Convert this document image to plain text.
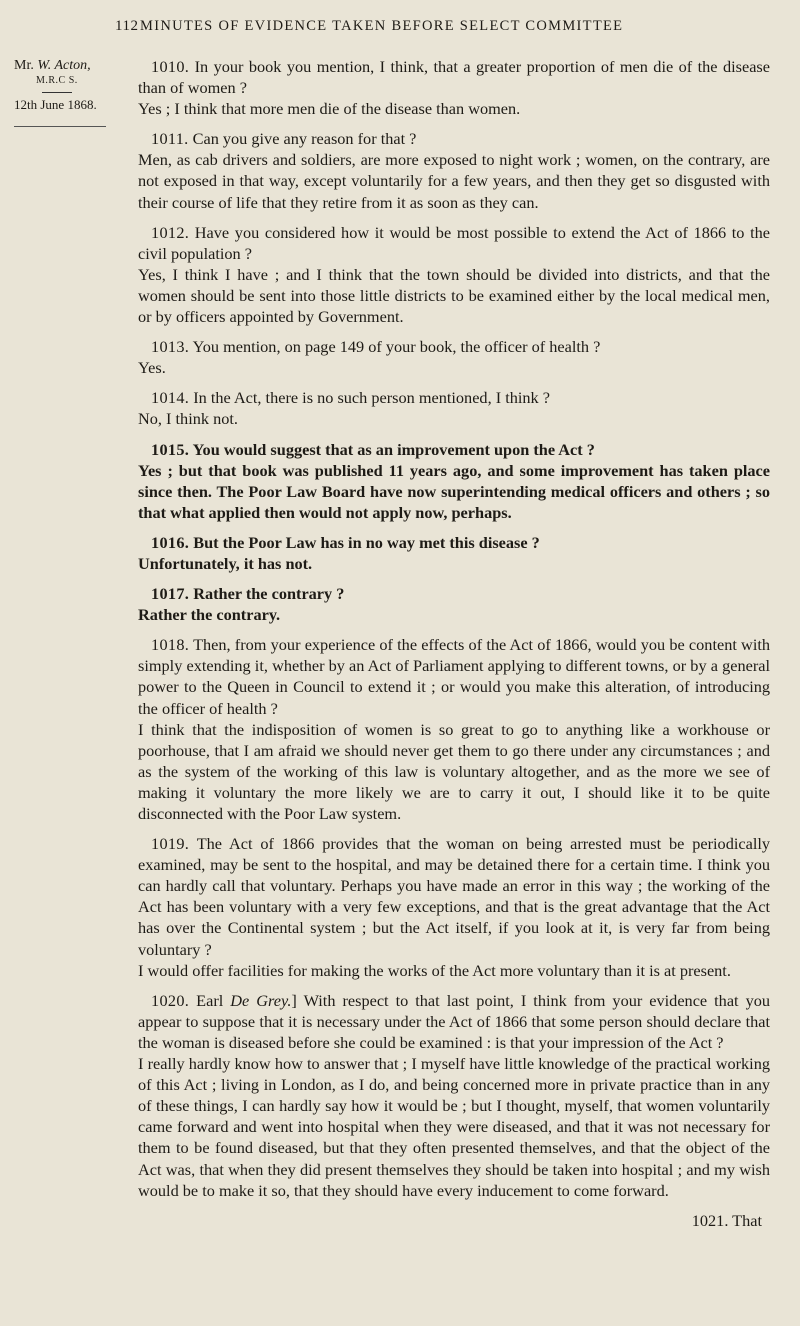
112 MINUTES OF EVIDENCE TAKEN BEFORE SELECT COMMITTEE
Mr. W. Acton,
M.R.C S.
12th June 1868.

1010. In your book you mention, I think, that a greater proportion of men die of the disease than of women ?

Yes ; I think that more men die of the disease than women.

1011. Can you give any reason for that ?

Men, as cab drivers and soldiers, are more exposed to night work ; women, on the contrary, are not exposed in that way, except voluntarily for a few years, and then they get so disgusted with their course of life that they retire from it as soon as they can.

1012. Have you considered how it would be most possible to extend the Act of 1866 to the civil population ?

Yes, I think I have ; and I think that the town should be divided into districts, and that the women should be sent into those little districts to be examined either by the local medical men, or by officers appointed by Government.

1013. You mention, on page 149 of your book, the officer of health ?

Yes.

1014. In the Act, there is no such person mentioned, I think ?

No, I think not.

1015. You would suggest that as an improvement upon the Act ?

Yes ; but that book was published 11 years ago, and some improvement has taken place since then. The Poor Law Board have now superintending medical officers and others ; so that what applied then would not apply now, perhaps.

1016. But the Poor Law has in no way met this disease ?

Unfortunately, it has not.

1017. Rather the contrary ?

Rather the contrary.

1018. Then, from your experience of the effects of the Act of 1866, would you be content with simply extending it, whether by an Act of Parliament applying to different towns, or by a general power to the Queen in Council to extend it ; or would you make this alteration, of introducing the officer of health ?

I think that the indisposition of women is so great to go to anything like a workhouse or poorhouse, that I am afraid we should never get them to go there under any circumstances ; and as the system of the working of this law is voluntary altogether, and as the more we see of making it voluntary the more likely we are to carry it out, I should like it to be quite disconnected with the Poor Law system.

1019. The Act of 1866 provides that the woman on being arrested must be periodically examined, may be sent to the hospital, and may be detained there for a certain time. I think you can hardly call that voluntary. Perhaps you have made an error in this way ; the working of the Act has been voluntary with a very few exceptions, and that is the great advantage that the Act has over the Continental system ; but the Act itself, if you look at it, is very far from being voluntary ?

I would offer facilities for making the works of the Act more voluntary than it is at present.

1020. Earl De Grey.] With respect to that last point, I think from your evidence that you appear to suppose that it is necessary under the Act of 1866 that some person should declare that the woman is diseased before she could be examined : is that your impression of the Act ?

I really hardly know how to answer that ; I myself have little knowledge of the practical working of this Act ; living in London, as I do, and being concerned more in private practice than in any of these things, I can hardly say how it would be ; but I thought, myself, that women voluntarily came forward and went into hospital when they were diseased, and that it was not necessary for them to be found diseased, but that they often presented themselves, and that the object of the Act was, that when they did present themselves they should be taken into hospital ; and my wish would be to make it so, that they should have every inducement to come forward.

1021. That
